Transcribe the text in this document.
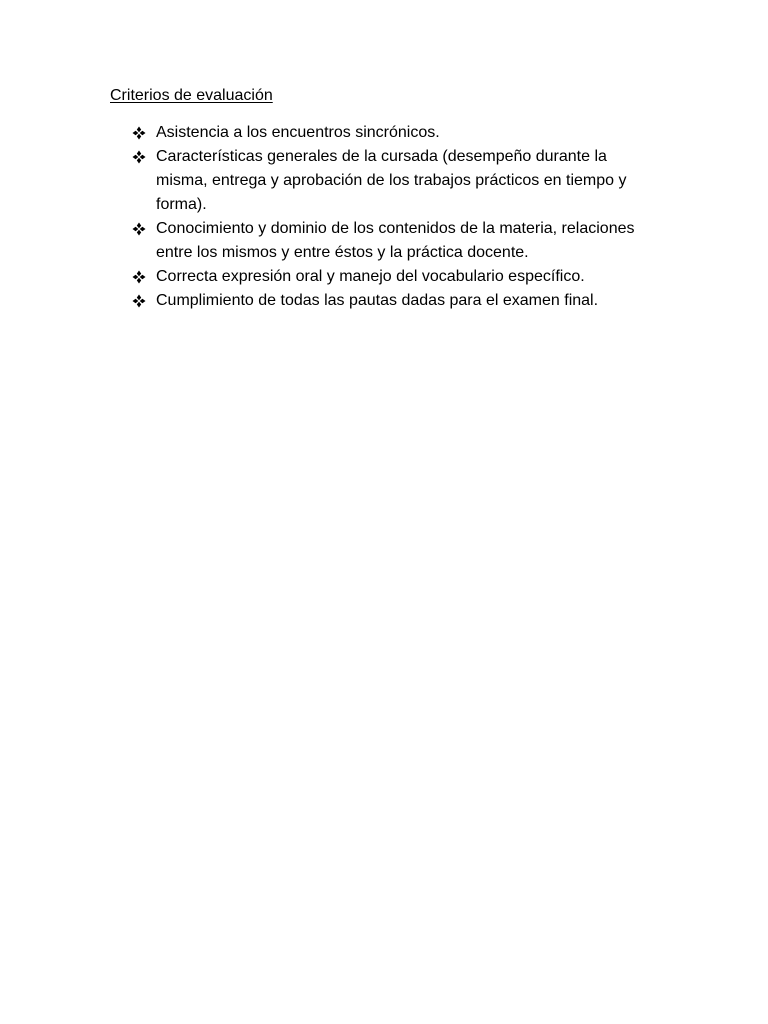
Criterios de evaluación
Asistencia a los encuentros sincrónicos.
Características generales de la cursada (desempeño durante la misma, entrega y aprobación de los trabajos prácticos en tiempo y forma).
Conocimiento y dominio de los contenidos de la materia, relaciones entre los mismos y entre éstos y la práctica docente.
Correcta expresión oral y manejo del vocabulario específico.
Cumplimiento de todas las pautas dadas para el examen final.
